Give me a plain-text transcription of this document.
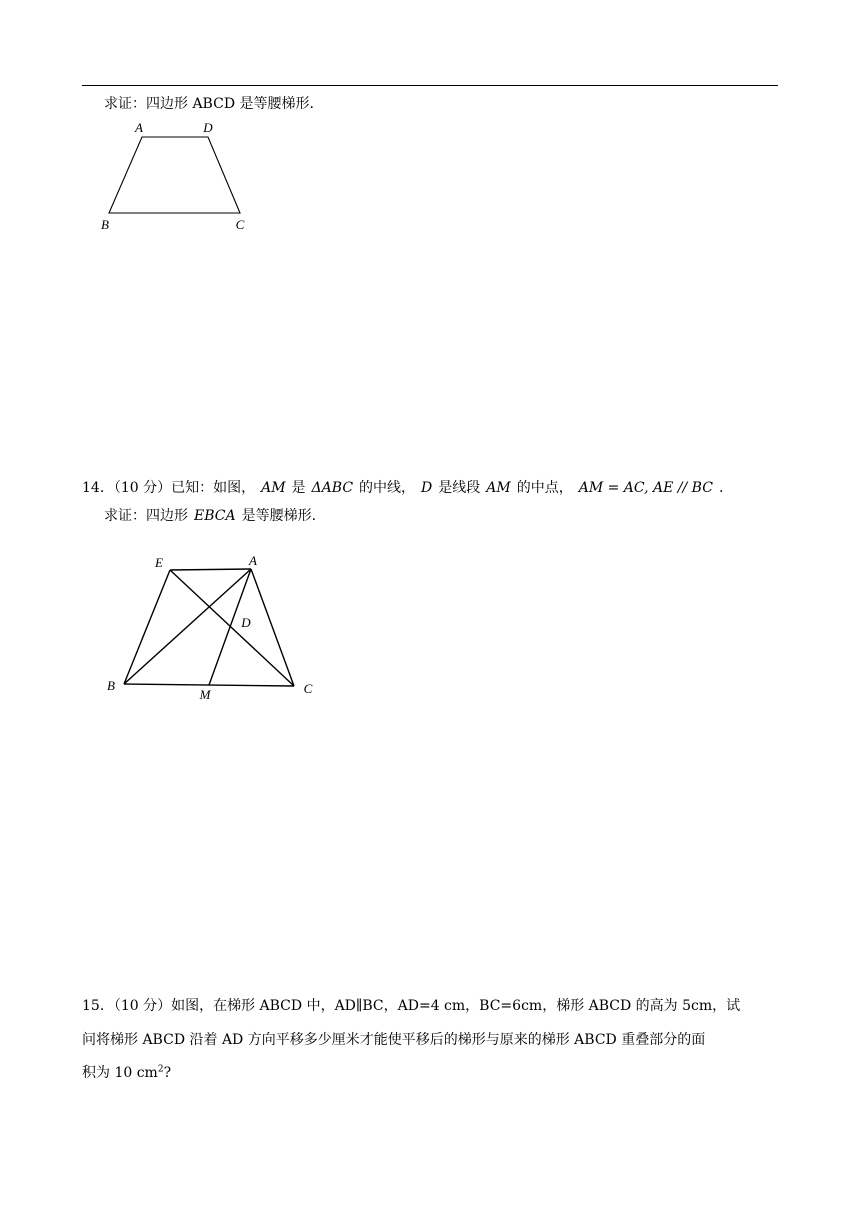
求证：四边形 ABCD 是等腰梯形.
A	D
B	C
14．（10 分）已知：如图， AM 是 ΔABC 的中线， D 是线段 AM 的中点， AM = AC, AE // BC .
求证：四边形 EBCA 是等腰梯形.
E	A
D
B
M	C
15．（10 分）如图，在梯形 ABCD 中，AD∥BC，AD=4 cm，BC=6cm，梯形 ABCD 的高为 5cm，试
问将梯形 ABCD 沿着 AD 方向平移多少厘米才能使平移后的梯形与原来的梯形 ABCD 重叠部分的面
积为 10 $cm^2$?
